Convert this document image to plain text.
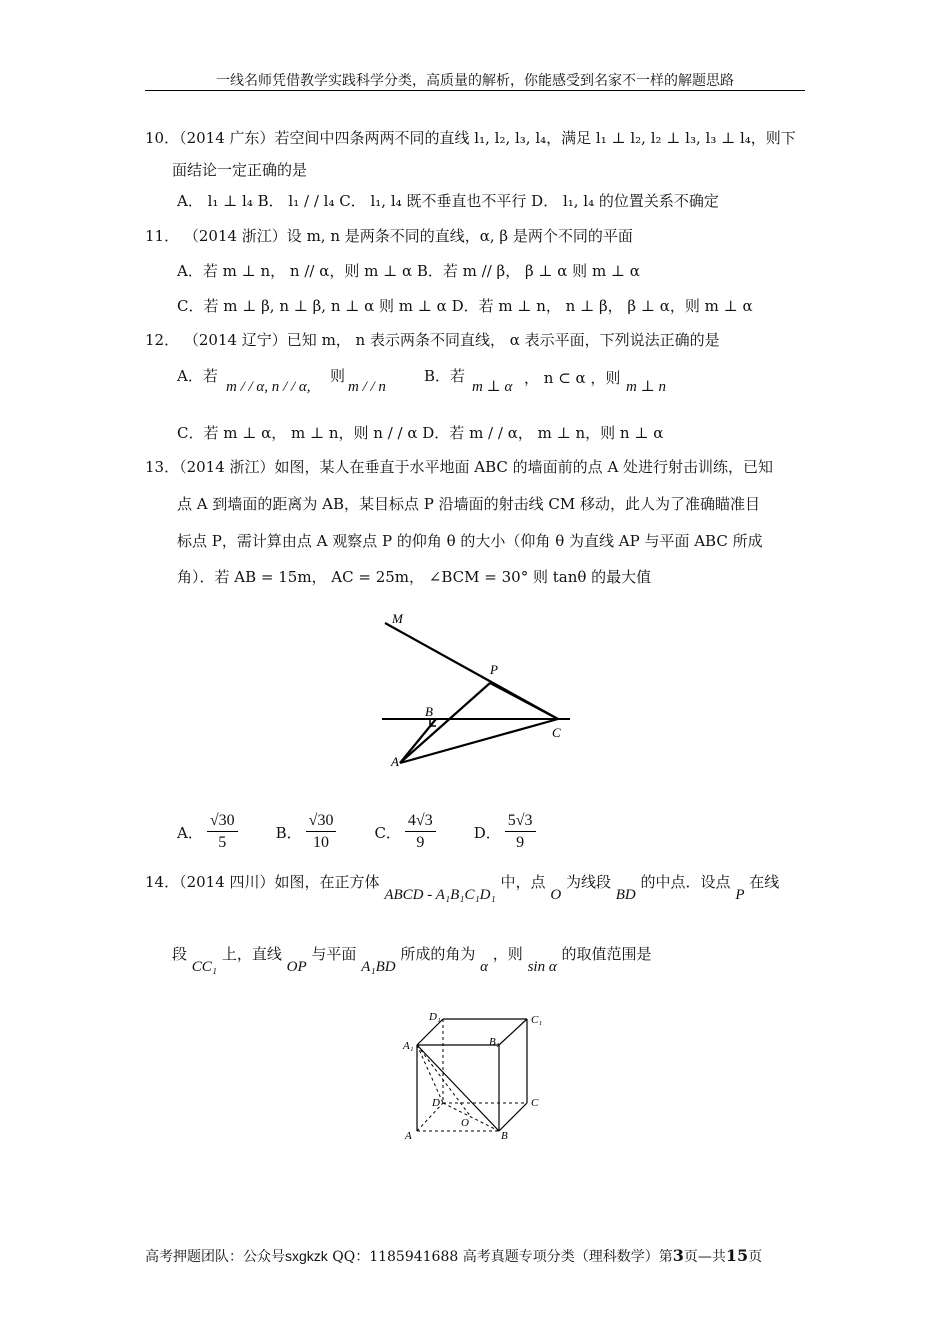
一线名师凭借教学实践科学分类，高质量的解析，你能感受到名家不一样的解题思路
10．（2014 广东）若空间中四条两两不同的直线 l₁, l₂, l₃, l₄，满足 l₁ ⊥ l₂, l₂ ⊥ l₃, l₃ ⊥ l₄，则下
面结论一定正确的是
A． l₁ ⊥ l₄ B． l₁ / / l₄ C． l₁, l₄ 既不垂直也不平行 D． l₁, l₄ 的位置关系不确定
11． （2014 浙江）设 m, n 是两条不同的直线，α, β 是两个不同的平面
A．若 m ⊥ n， n // α，则 m ⊥ α B．若 m // β， β ⊥ α 则 m ⊥ α
C．若 m ⊥ β, n ⊥ β, n ⊥ α 则 m ⊥ α D．若 m ⊥ n， n ⊥ β， β ⊥ α，则 m ⊥ α
12． （2014 辽宁）已知 m， n 表示两条不同直线， α 表示平面，下列说法正确的是
A．若
m / / α, n / / α,
则
m / / n
B．若
m ⊥ α ， n ⊂ α ，则 m ⊥ n
C．若 m ⊥ α， m ⊥ n，则 n / / α D．若 m / / α， m ⊥ n，则 n ⊥ α
13．（2014 浙江）如图，某人在垂直于水平地面 ABC 的墙面前的点 A 处进行射击训练，已知
点 A 到墙面的距离为 AB，某目标点 P 沿墙面的射击线 CM 移动，此人为了准确瞄准目
标点 P，需计算由点 A 观察点 P 的仰角 θ 的大小（仰角 θ 为直线 AP 与平面 ABC 所成
角）．若 AB = 15m， AC = 25m， ∠BCM = 30° 则 tanθ 的最大值
M
P
B
C
A
A． $\frac{√30}{5}$	B． $\frac{√30}{10}$	C． $\frac{4√3}{9}$	D． $\frac{5√3}{9}$
14．（2014 四川）如图，在正方体 ABCD - A₁B₁C₁D₁ 中，点 O 为线段 BD 的中点．设点 P 在线
段 CC₁ 上，直线 OP 与平面 A₁BD 所成的角为 α ，则 sin α 的取值范围是
D₁	C₁
A₁	B₁
D	C
O
A	B
高考押题团队：公众号sxgkzk QQ：1185941688 高考真题专项分类（理科数学）第3页—共15页
